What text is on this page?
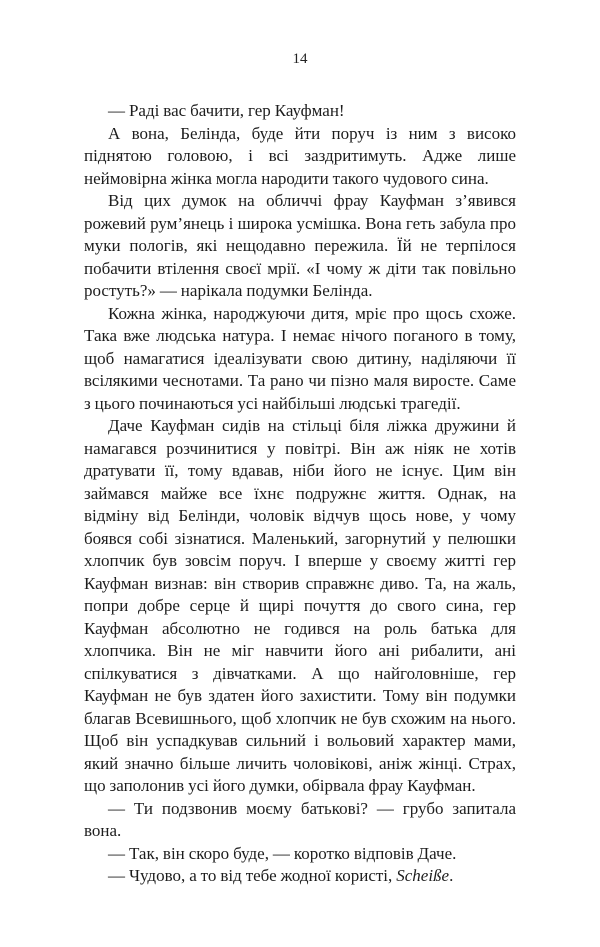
14

— Раді вас бачити, гер Кауфман!

А вона, Белінда, буде йти поруч із ним з високо піднятою головою, і всі заздритимуть. Адже лише неймовірна жінка могла народити такого чудового сина.

Від цих думок на обличчі фрау Кауфман з’явився рожевий рум’янець і широка усмішка. Вона геть забула про муки пологів, які нещодавно пережила. Їй не терпілося побачити втілення своєї мрії. «І чому ж діти так повільно ростуть?» — нарікала подумки Белінда.

Кожна жінка, народжуючи дитя, мріє про щось схоже. Така вже людська натура. І немає нічого поганого в тому, щоб намагатися ідеалізувати свою дитину, наділяючи її всілякими чеснотами. Та рано чи пізно маля виросте. Саме з цього починаються усі найбільші людські трагедії.

Даче Кауфман сидів на стільці біля ліжка дружини й намагався розчинитися у повітрі. Він аж ніяк не хотів дратувати її, тому вдавав, ніби його не існує. Цим він займався майже все їхнє подружнє життя. Однак, на відміну від Белінди, чоловік відчув щось нове, у чому боявся собі зізнатися. Маленький, загорнутий у пелюшки хлопчик був зовсім поруч. І вперше у своєму житті гер Кауфман визнав: він створив справжнє диво. Та, на жаль, попри добре серце й щирі почуття до свого сина, гер Кауфман абсолютно не годився на роль батька для хлопчика. Він не міг навчити його ані рибалити, ані спілкуватися з дівчатками. А що найголовніше, гер Кауфман не був здатен його захистити. Тому він подумки благав Всевишнього, щоб хлопчик не був схожим на нього. Щоб він успадкував сильний і вольовий характер мами, який значно більше личить чоловікові, аніж жінці. Страх, що заполонив усі його думки, обірвала фрау Кауфман.

— Ти подзвонив моєму батькові? — грубо запитала вона.

— Так, він скоро буде, — коротко відповів Даче.

— Чудово, а то від тебе жодної користі, Scheiße.
